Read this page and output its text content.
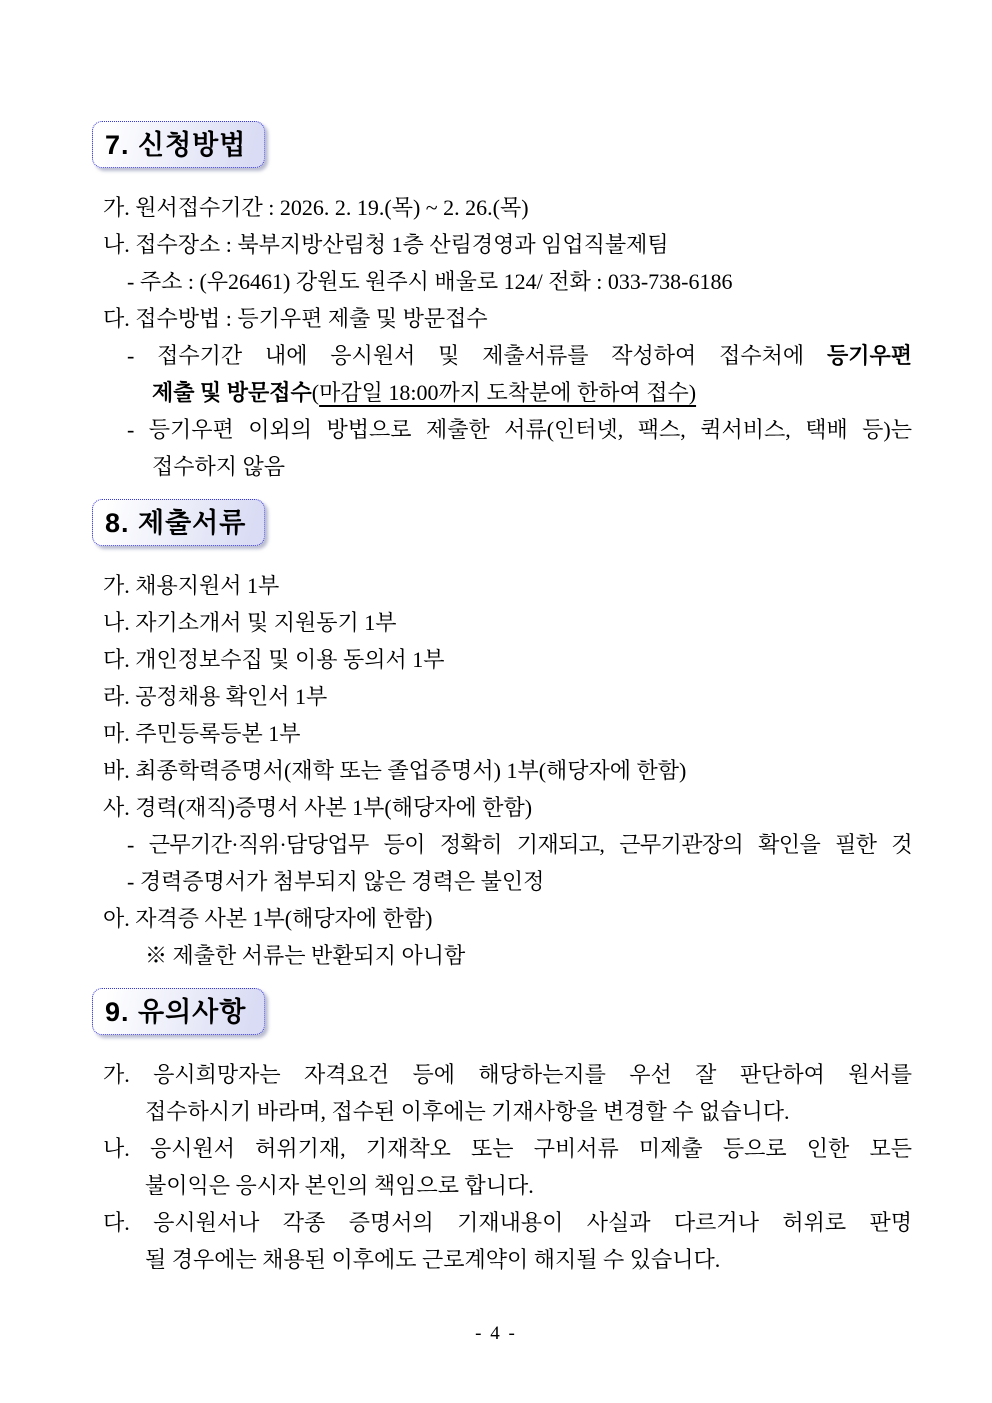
7. 신청방법
가. 원서접수기간 : 2026. 2. 19.(목) ~ 2. 26.(목)
나. 접수장소 : 북부지방산림청 1층 산림경영과 임업직불제팀
- 주소 : (우26461) 강원도 원주시 배울로 124/ 전화 : 033-738-6186
다. 접수방법 : 등기우편 제출 및 방문접수
- 접수기간 내에 응시원서 및 제출서류를 작성하여 접수처에 등기우편
제출 및 방문접수(마감일 18:00까지 도착분에 한하여 접수)
- 등기우편 이외의 방법으로 제출한 서류(인터넷, 팩스, 퀵서비스, 택배 등)는
접수하지 않음
8. 제출서류
가. 채용지원서 1부
나. 자기소개서 및 지원동기 1부
다. 개인정보수집 및 이용 동의서 1부
라. 공정채용 확인서 1부
마. 주민등록등본 1부
바. 최종학력증명서(재학 또는 졸업증명서) 1부(해당자에 한함)
사. 경력(재직)증명서 사본 1부(해당자에 한함)
- 근무기간·직위·담당업무 등이 정확히 기재되고, 근무기관장의 확인을 필한 것
- 경력증명서가 첨부되지 않은 경력은 불인정
아. 자격증 사본 1부(해당자에 한함)
※ 제출한 서류는 반환되지 아니함
9. 유의사항
가. 응시희망자는 자격요건 등에 해당하는지를 우선 잘 판단하여 원서를
접수하시기 바라며, 접수된 이후에는 기재사항을 변경할 수 없습니다.
나. 응시원서 허위기재, 기재착오 또는 구비서류 미제출 등으로 인한 모든
불이익은 응시자 본인의 책임으로 합니다.
다. 응시원서나 각종 증명서의 기재내용이 사실과 다르거나 허위로 판명
될 경우에는 채용된 이후에도 근로계약이 해지될 수 있습니다.
- 4 -
